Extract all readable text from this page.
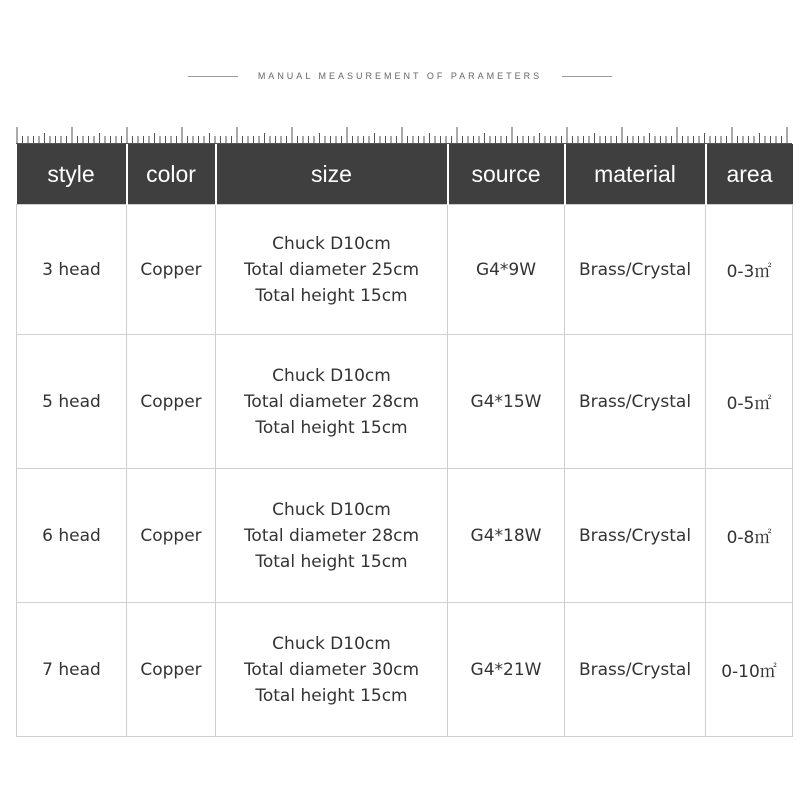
MANUAL MEASUREMENT OF PARAMETERS
style	color	size	source	material	area
3 head	Copper	Chuck D10cm
Total diameter 25cm
Total height 15cm	G4*9W	Brass/Crystal	0-3㎡
5 head	Copper	Chuck D10cm
Total diameter 28cm
Total height 15cm	G4*15W	Brass/Crystal	0-5㎡
6 head	Copper	Chuck D10cm
Total diameter 28cm
Total height 15cm	G4*18W	Brass/Crystal	0-8㎡
7 head	Copper	Chuck D10cm
Total diameter 30cm
Total height 15cm	G4*21W	Brass/Crystal	0-10㎡
